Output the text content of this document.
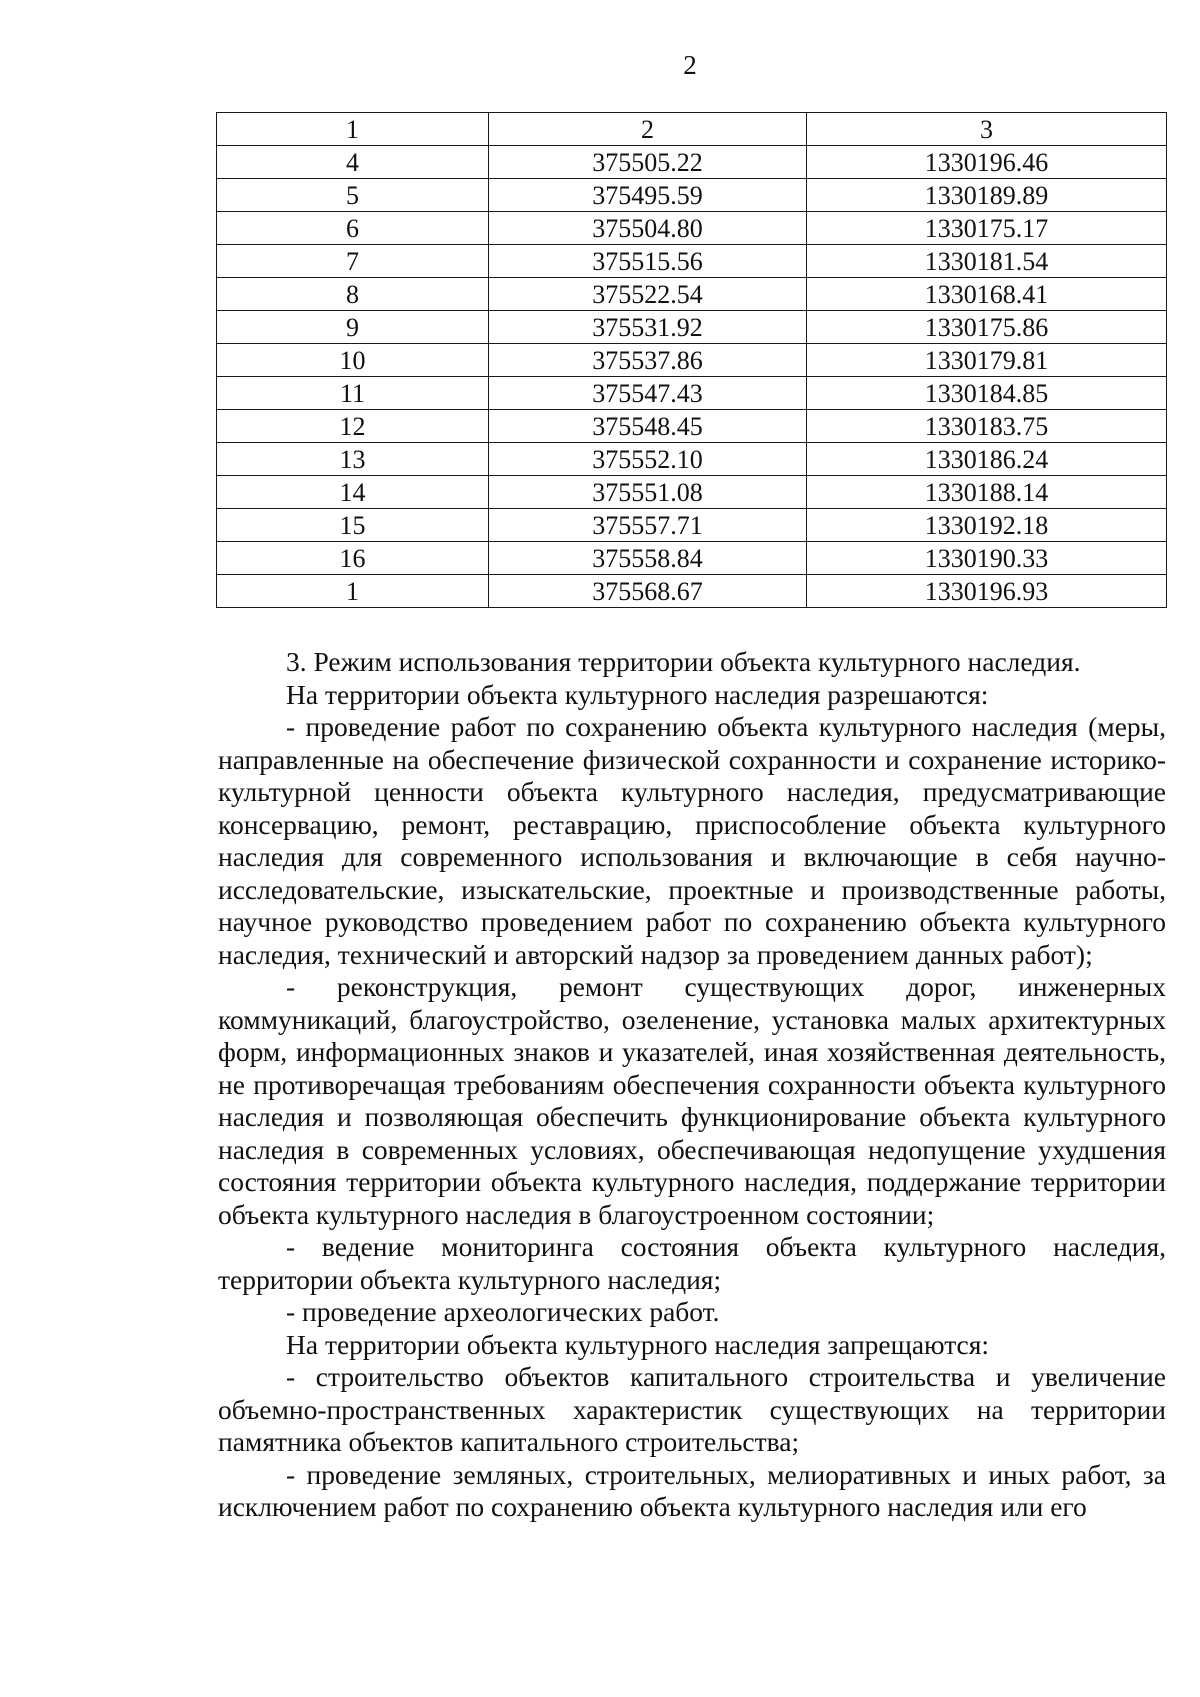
2
1	2	3
4	375505.22	1330196.46
5	375495.59	1330189.89
6	375504.80	1330175.17
7	375515.56	1330181.54
8	375522.54	1330168.41
9	375531.92	1330175.86
10	375537.86	1330179.81
11	375547.43	1330184.85
12	375548.45	1330183.75
13	375552.10	1330186.24
14	375551.08	1330188.14
15	375557.71	1330192.18
16	375558.84	1330190.33
1	375568.67	1330196.93

3. Режим использования территории объекта культурного наследия.

На территории объекта культурного наследия разрешаются:

- проведение работ по сохранению объекта культурного наследия (меры, направленные на обеспечение физической сохранности и сохранение историко-культурной ценности объекта культурного наследия, предусматривающие консервацию, ремонт, реставрацию, приспособление объекта культурного наследия для современного использования и включающие в себя научно-исследовательские, изыскательские, проектные и производственные работы, научное руководство проведением работ по сохранению объекта культурного наследия, технический и авторский надзор за проведением данных работ);

- реконструкция, ремонт существующих дорог, инженерных коммуникаций, благоустройство, озеленение, установка малых архитектурных форм, информационных знаков и указателей, иная хозяйственная деятельность, не противоречащая требованиям обеспечения сохранности объекта культурного наследия и позволяющая обеспечить функционирование объекта культурного наследия в современных условиях, обеспечивающая недопущение ухудшения состояния территории объекта культурного наследия, поддержание территории объекта культурного наследия в благоустроенном состоянии;

- ведение мониторинга состояния объекта культурного наследия, территории объекта культурного наследия;

- проведение археологических работ.

На территории объекта культурного наследия запрещаются:

- строительство объектов капитального строительства и увеличение объемно-пространственных характеристик существующих на территории памятника объектов капитального строительства;

- проведение земляных, строительных, мелиоративных и иных работ, за исключением работ по сохранению объекта культурного наследия или его
